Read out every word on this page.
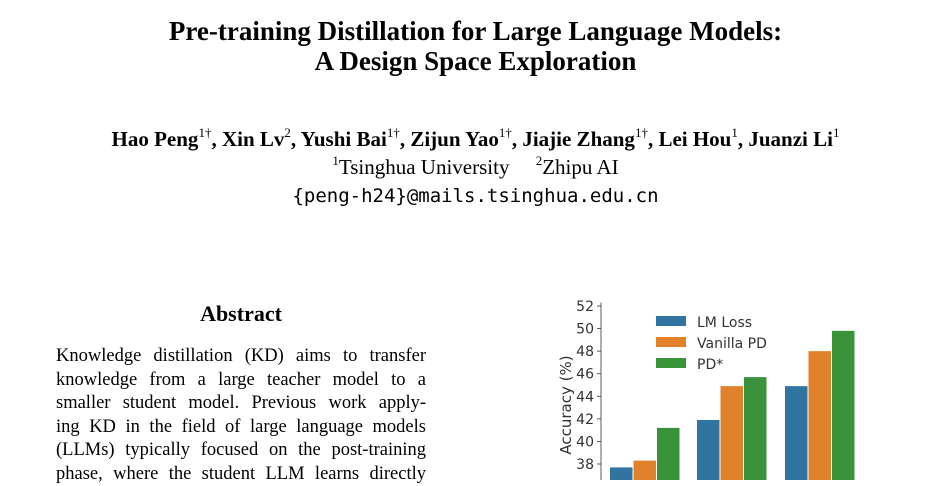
Pre-training Distillation for Large Language Models:
A Design Space Exploration
Hao Peng$^{1\dagger}$, Xin Lv$^2$, Yushi Bai$^{1\dagger}$, Zijun Yao$^{1\dagger}$, Jiajie Zhang$^{1\dagger}$, Lei Hou$^1$, Juanzi Li$^1$
$^1$Tsinghua University $^2$Zhipu AI
{peng-h24}@mails.tsinghua.edu.cn
Abstract
Knowledge distillation (KD) aims to transfer
knowledge from a large teacher model to a
smaller student model. Previous work apply-
ing KD in the field of large language models
(LLMs) typically focused on the post-training
phase, where the student LLM learns directly
Accuracy (%)
38
40
42
44
46
48
50
52
LM Loss
Vanilla PD
PD*
